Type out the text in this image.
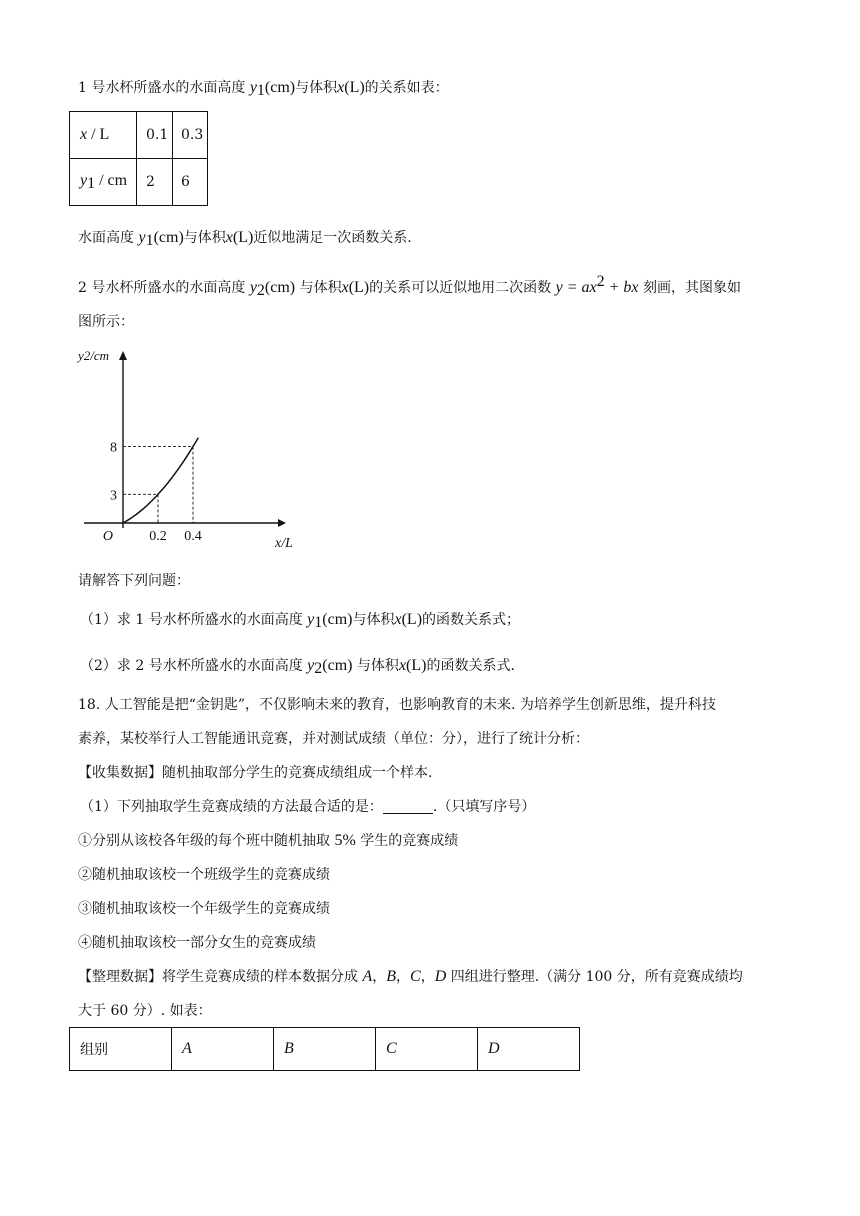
1 号水杯所盛水的水面高度 $y_1(cm)$与体积x(L)的关系如表：
x / L	0.1	0.3
$y_1$ / cm	2	6
水面高度 $y_1(cm)$与体积x(L)近似地满足一次函数关系.
2 号水杯所盛水的水面高度 $y_2(cm)$ 与体积x(L)的关系可以近似地用二次函数 $y = ax^2$ + bx 刻画，其图象如
图所示：
0.2 0.4
3
8
O	x/L
y2/cm
请解答下列问题：
（1）求 1 号水杯所盛水的水面高度 $y_1(cm)$与体积x(L)的函数关系式；
（2）求 2 号水杯所盛水的水面高度 $y_2(cm)$ 与体积x(L)的函数关系式.
18. 人工智能是把“金钥匙”，不仅影响未来的教育，也影响教育的未来. 为培养学生创新思维，提升科技
素养，某校举行人工智能通讯竞赛，并对测试成绩（单位：分），进行了统计分析：
【收集数据】随机抽取部分学生的竞赛成绩组成一个样本.
（1）下列抽取学生竞赛成绩的方法最合适的是：	.（只填写序号）
①分别从该校各年级的每个班中随机抽取 5% 学生的竞赛成绩
②随机抽取该校一个班级学生的竞赛成绩
③随机抽取该校一个年级学生的竞赛成绩
④随机抽取该校一部分女生的竞赛成绩
【整理数据】将学生竞赛成绩的样本数据分成 A，B，C，D 四组进行整理.（满分 100 分，所有竞赛成绩均
大于 60 分）. 如表：
组别	A	B	C	D
